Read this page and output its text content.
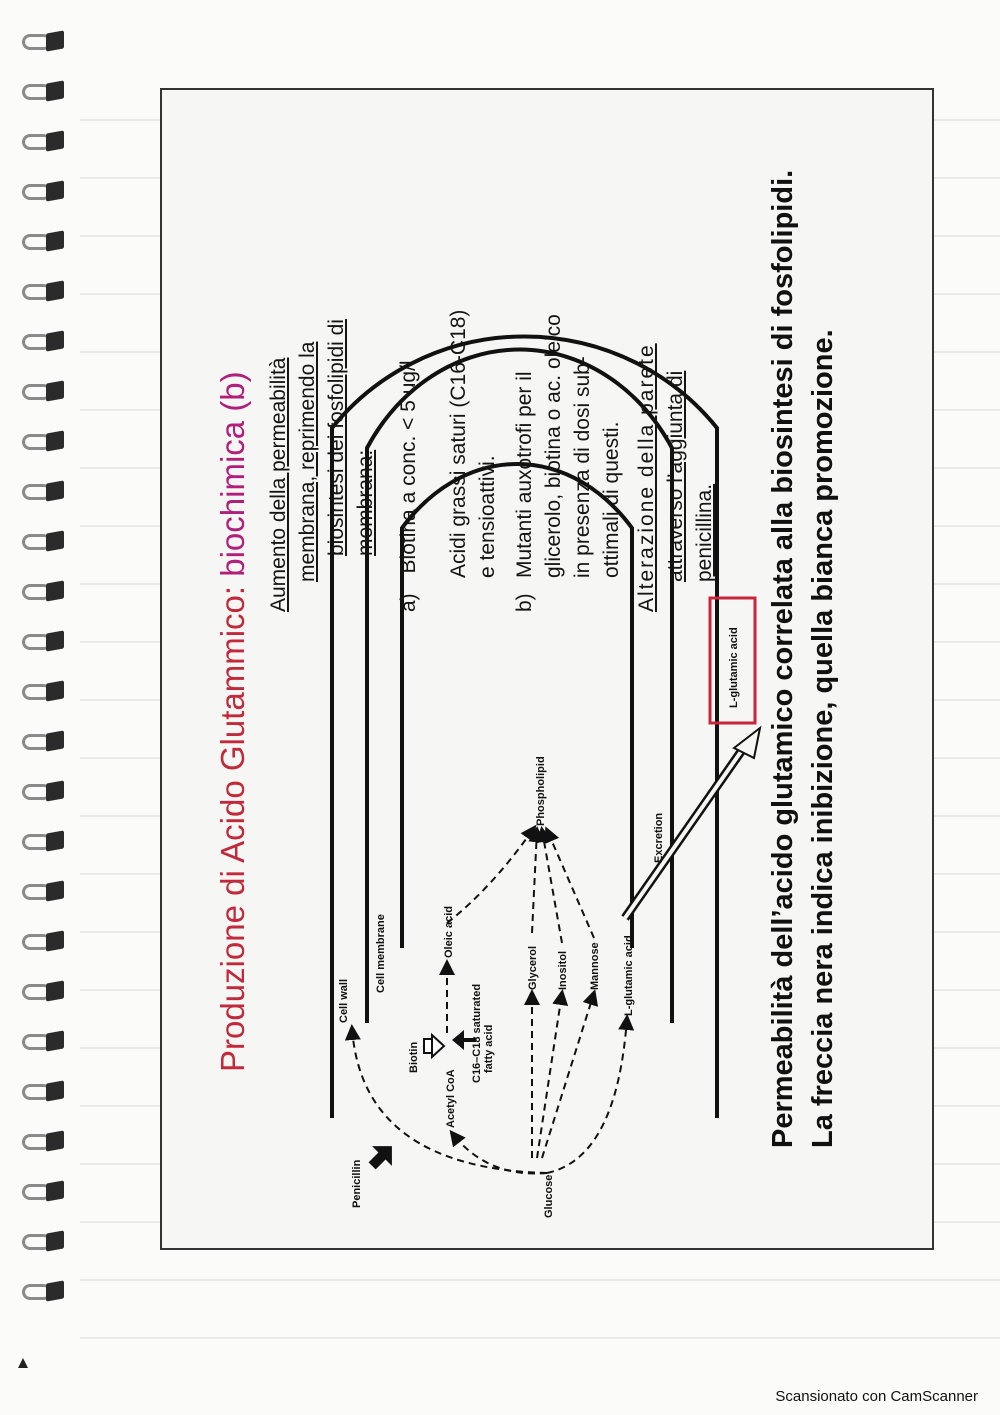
Produzione di Acido Glutammico: biochimica (b)
Penicillin
Cell wall
Cell membrane
Biotin
Acetyl CoA
C16–C18 saturated fatty acid
Oleic acid
Phospholipid
Glucose
Glycerol Inositol Mannose L-glutamic acid
Excretion
L-glutamic acid
Aumento della permeabilità membrana, reprimendo la biosintesi dei fosfolipidi di membrana:
a) Biotina a conc. < 5 ug/l Acidi grassi saturi (C16-C18) e tensioattivi.
b)
Mutanti auxotrofi per il glicerolo, biotina o ac. oleico in presenza di dosi sub- ottimali di questi. Alterazione della parete attraverso l’aggiunta di penicillina. Permeabilità dell’acido glutamico correlata alla biosintesi di fosfolipidi. La freccia nera indica inibizione, quella bianca promozione.
Scansionato con CamScanner
